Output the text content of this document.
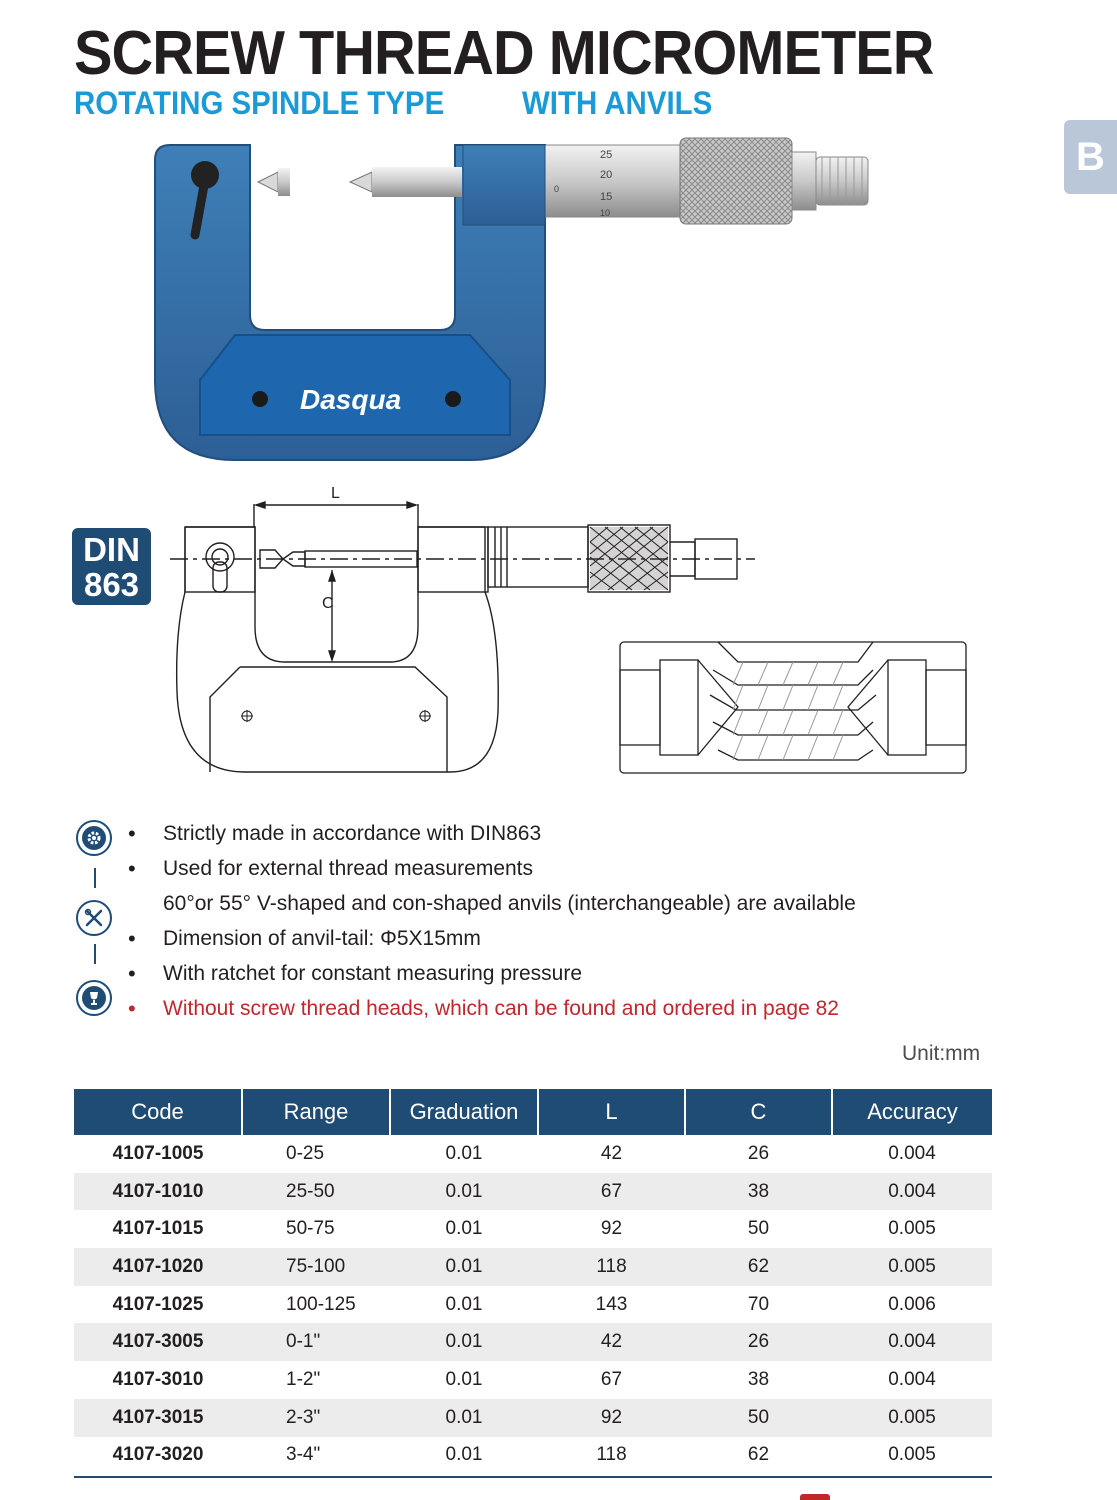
SCREW THREAD MICROMETER
ROTATING SPINDLE TYPE WITH ANVILS
B
Dasqua
25
20
15
10
0
DIN
863
L
C
• Strictly made in accordance with DIN863
• Used for external thread measurements
60°or 55° V-shaped and con-shaped anvils (interchangeable) are available
• Dimension of anvil-tail: Φ5X15mm
• With ratchet for constant measuring pressure
• Without screw thread heads, which can be found and ordered in page 82
Unit:mm
Code	Range	Graduation	L	C	Accuracy
4107-1005	0-25	0.01	42	26	0.004
4107-1010	25-50	0.01	67	38	0.004
4107-1015	50-75	0.01	92	50	0.005
4107-1020	75-100	0.01	118	62	0.005
4107-1025	100-125	0.01	143	70	0.006
4107-3005	0-1"	0.01	42	26	0.004
4107-3010	1-2"	0.01	67	38	0.004
4107-3015	2-3"	0.01	92	50	0.005
4107-3020	3-4"	0.01	118	62	0.005
